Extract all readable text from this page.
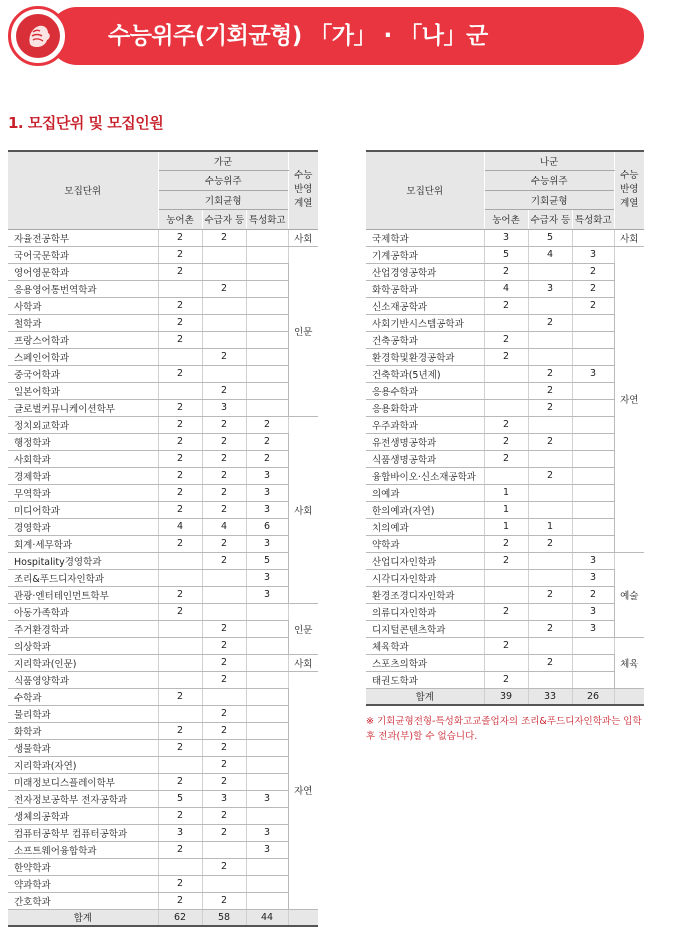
수능위주(기회균형) 「가」 · 「나」군
1. 모집단위 및 모집인원
모집단위	가군			수능 반영 계열
	수능위주			
	기회균형			
	농어촌	수급자 등	특성화고	
자율전공학부	2	2		사회
국어국문학과	2			인문
영어영문학과	2			
응용영어통번역학과		2		
사학과	2			
철학과	2			
프랑스어학과	2			
스페인어학과		2		
중국어학과	2			
일본어학과		2		
글로벌커뮤니케이션학부	2	3		
정치외교학과	2	2	2	사회
행정학과	2	2	2	
사회학과	2	2	2	
경제학과	2	2	3	
무역학과	2	2	3	
미디어학과	2	2	3	
경영학과	4	4	6	
회계·세무학과	2	2	3	
Hospitality경영학과		2	5	
조리&푸드디자인학과			3	
관광·엔터테인먼트학부	2		3	
아동가족학과	2			인문
주거환경학과		2		
의상학과		2		
지리학과(인문)		2		사회
식품영양학과		2		자연
수학과	2			
물리학과		2		
화학과	2	2		
생물학과	2	2		
지리학과(자연)		2		
미래정보디스플레이학부	2	2		
전자정보공학부 전자공학과	5	3	3	
생체의공학과	2	2		
컴퓨터공학부 컴퓨터공학과	3	2	3	
소프트웨어융합학과	2		3	
한약학과		2		
약과학과	2			
간호학과	2	2		
합계	62	58	44	
모집단위	나군			수능 반영 계열
	수능위주			
	기회균형			
	농어촌	수급자 등	특성화고	
국제학과	3	5		사회
기계공학과	5	4	3	자연
산업경영공학과	2		2	
화학공학과	4	3	2	
신소재공학과	2		2	
사회기반시스템공학과		2		
건축공학과	2			
환경학및환경공학과	2			
건축학과(5년제)		2	3	
응용수학과		2		
응용화학과		2		
우주과학과	2			
유전생명공학과	2	2		
식품생명공학과	2			
융합바이오·신소재공학과		2		
의예과	1			
한의예과(자연)	1			
치의예과	1	1		
약학과	2	2		
산업디자인학과	2		3	예술
시각디자인학과			3	
환경조경디자인학과		2	2	
의류디자인학과	2		3	
디지털콘텐츠학과		2	3	
체육학과	2			체육
스포츠의학과		2		
태권도학과	2			
합계	39	33	26	
※ 기회균형전형-특성화고교졸업자의 조리&푸드디자인학과는 입학 후 전과(부)할 수 없습니다.
